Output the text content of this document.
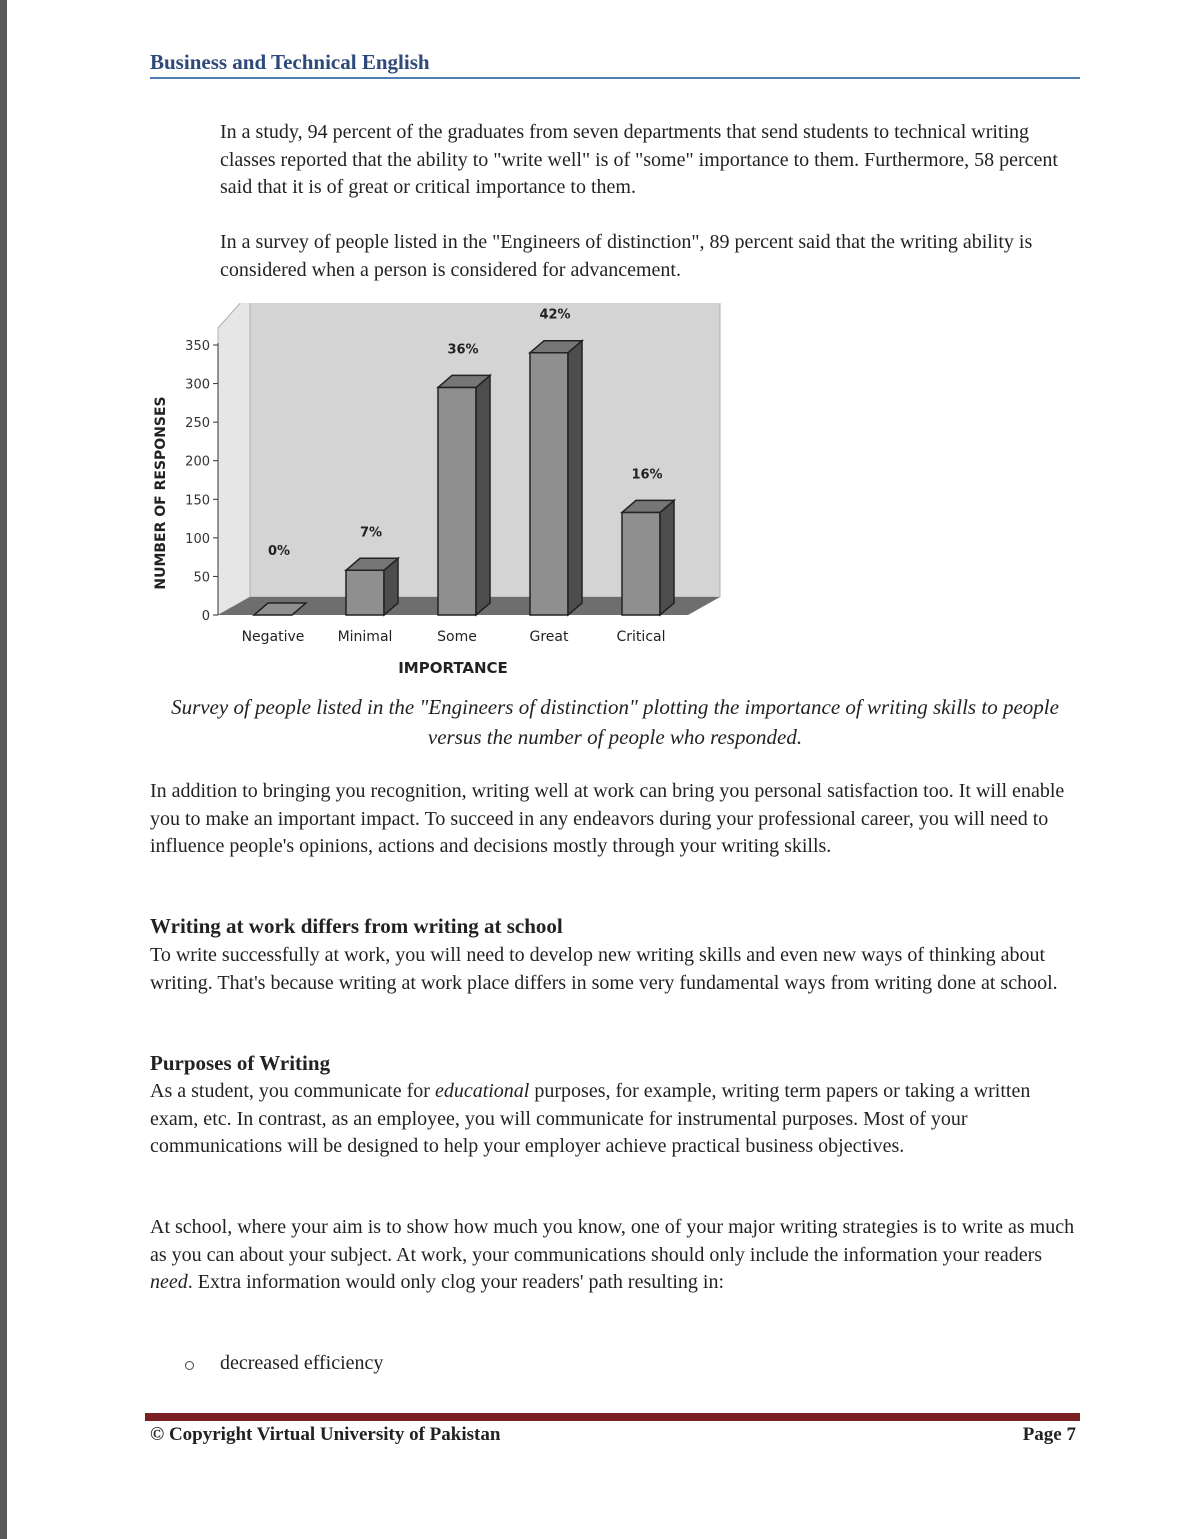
Business and Technical English

In a study, 94 percent of the graduates from seven departments that send students to technical writing classes reported that the ability to "write well" is of "some" importance to them. Furthermore, 58 percent said that it is of great or critical importance to them.

In a survey of people listed in the "Engineers of distinction", 89 percent said that the writing ability is considered when a person is considered for advancement.

0
50
100
150
200
250
300
350
0%
Negative
7%
Minimal
36%
Some
42%
Great
16%
Critical
IMPORTANCE
NUMBER OF RESPONSES
Survey of people listed in the "Engineers of distinction" plotting the importance of writing skills to people versus the number of people who responded.

In addition to bringing you recognition, writing well at work can bring you personal satisfaction too. It will enable you to make an important impact. To succeed in any endeavors during your professional career, you will need to influence people's opinions, actions and decisions mostly through your writing skills.

Writing at work differs from writing at school

To write successfully at work, you will need to develop new writing skills and even new ways of thinking about writing. That's because writing at work place differs in some very fundamental ways from writing done at school.

Purposes of Writing

As a student, you communicate for educational purposes, for example, writing term papers or taking a written exam, etc. In contrast, as an employee, you will communicate for instrumental purposes. Most of your communications will be designed to help your employer achieve practical business objectives.

At school, where your aim is to show how much you know, one of your major writing strategies is to write as much as you can about your subject. At work, your communications should only include the information your readers need. Extra information would only clog your readers' path resulting in:

decreased efficiency
© Copyright Virtual University of Pakistan	Page 7
